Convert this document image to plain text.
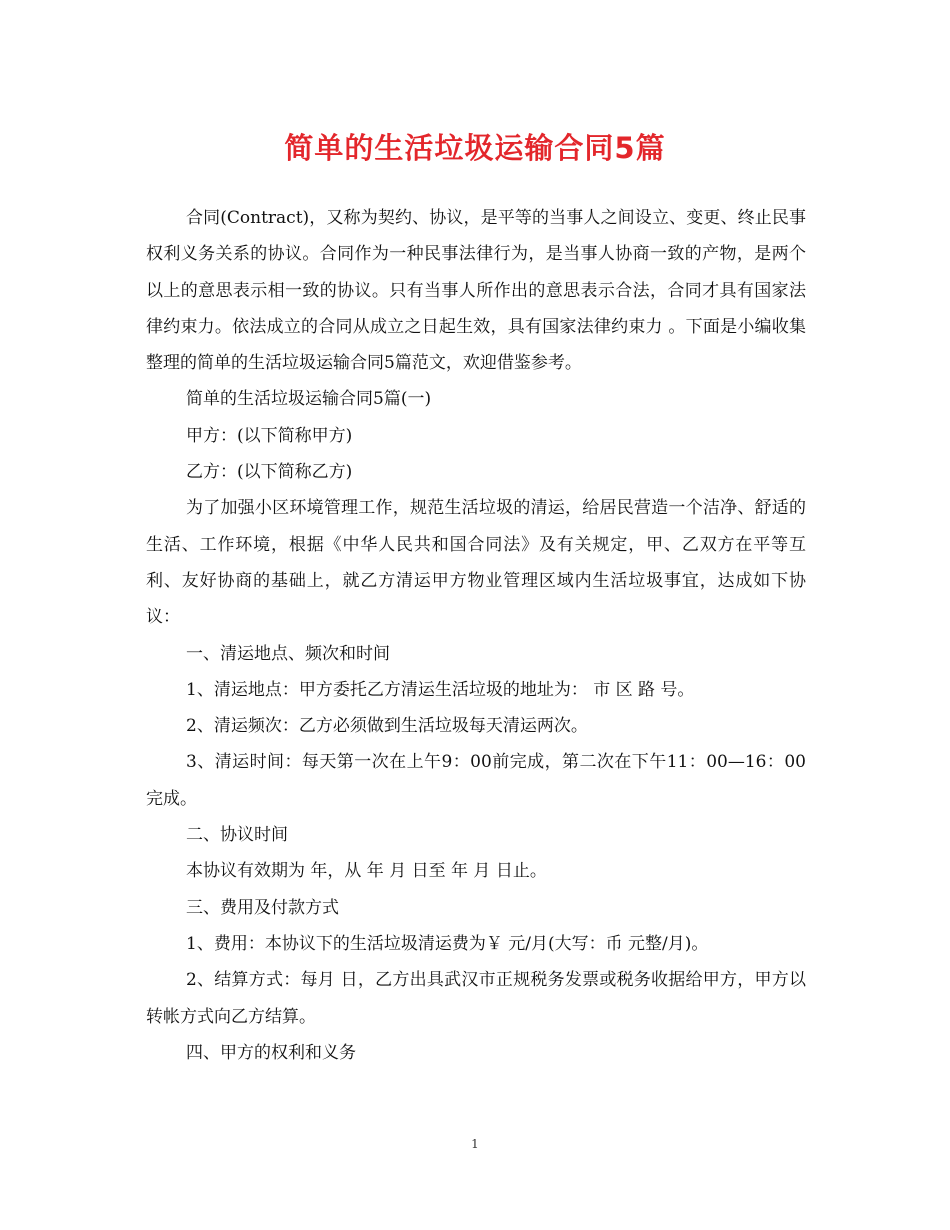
简单的生活垃圾运输合同5篇

合同(Contract)，又称为契约、协议，是平等的当事人之间设立、变更、终止民事权利义务关系的协议。合同作为一种民事法律行为，是当事人协商一致的产物，是两个以上的意思表示相一致的协议。只有当事人所作出的意思表示合法，合同才具有国家法律约束力。依法成立的合同从成立之日起生效，具有国家法律约束力 。下面是小编收集整理的简单的生活垃圾运输合同5篇范文，欢迎借鉴参考。

简单的生活垃圾运输合同5篇(一)

甲方：(以下简称甲方)

乙方：(以下简称乙方)

为了加强小区环境管理工作，规范生活垃圾的清运，给居民营造一个洁净、舒适的生活、工作环境，根据《中华人民共和国合同法》及有关规定，甲、乙双方在平等互利、友好协商的基础上，就乙方清运甲方物业管理区域内生活垃圾事宜，达成如下协议：

一、清运地点、频次和时间

1、清运地点：甲方委托乙方清运生活垃圾的地址为： 市 区 路 号。

2、清运频次：乙方必须做到生活垃圾每天清运两次。

3、清运时间：每天第一次在上午9：00前完成，第二次在下午11：00—16：00完成。

二、协议时间

本协议有效期为 年，从 年 月 日至 年 月 日止。

三、费用及付款方式

1、费用：本协议下的生活垃圾清运费为￥ 元/月(大写：币 元整/月)。

2、结算方式：每月 日，乙方出具武汉市正规税务发票或税务收据给甲方，甲方以转帐方式向乙方结算。

四、甲方的权利和义务

1
